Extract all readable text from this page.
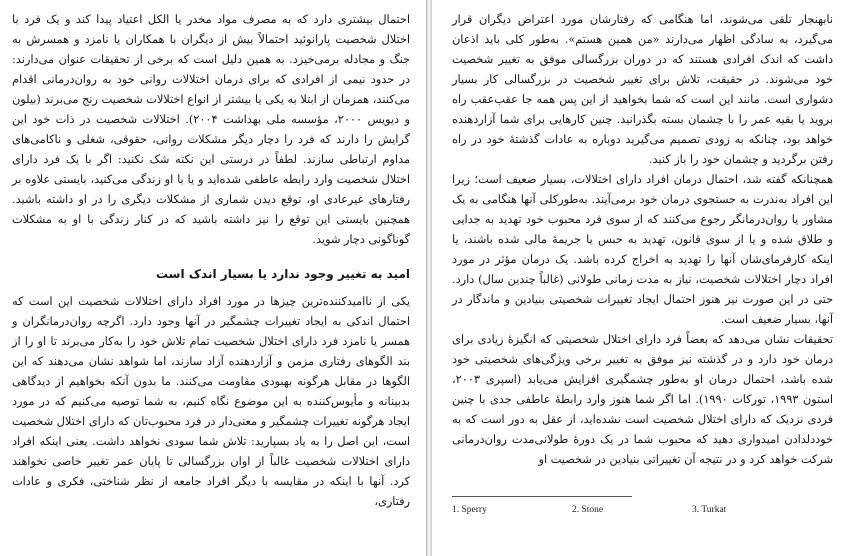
احتمال بیشتری دارد که به مصرف مواد مخدر یا الکل اعتیاد پیدا کند و یک فرد با اختلال شخصیت پارانوئید احتمالاً بیش از دیگران با همکاران یا نامزد و همسرش به جنگ و مجادله برمی‌خیزد. به همین دلیل است که برخی از تحقیقات عنوان می‌دارند: در حدود نیمی از افرادی که برای درمان اختلالات روانی خود به روان‌درمانی اقدام می‌کنند، همزمان از ابتلا به یکی یا بیشتر از انواع اختلالات شخصیت رنج می‌برند (بیلون و دیویس ۲۰۰۰، مؤسسه ملی بهداشت ۲۰۰۴). اختلالات شخصیت در ذات خود این گرایش را دارند که فرد را دچار دیگر مشکلات روانی، حقوقی، شغلی و ناکامی‌های مداوم ارتباطی سازند. لطفاً در درستی این نکته شک نکنید: اگر با یک فرد دارای اختلال شخصیت وارد رابطه عاطفی شده‌اید و یا با او زندگی می‌کنید، بایستی علاوه بر رفتارهای غیرعادی او، توقع دیدن شماری از مشکلات دیگری را در او داشته باشید. همچنین بایستی این توقع را نیز داشته باشید که در کنار زندگی با او به مشکلات گوناگونی دچار شوید.

امید به تغییر وجود ندارد یا بسیار اندک است

یکی از ناامیدکننده‌ترین چیزها در مورد افراد دارای اختلالات شخصیت این است که احتمال اندکی به ایجاد تغییرات چشمگیر در آنها وجود دارد. اگرچه روان‌درمانگران و همسر یا نامزد فرد دارای اختلال شخصیت تمام تلاش خود را به‌کار می‌برند تا او را از بند الگوهای رفتاری مزمن و آزاردهنده آزاد سازند، اما شواهد نشان می‌دهند که این الگوها در مقابل هرگونه بهبودی مقاومت می‌کنند. ما بدون آنکه بخواهیم از دیدگاهی بدبینانه و مأیوس‌کننده به این موضوع نگاه کنیم، به شما توصیه می‌کنیم که در مورد ایجاد هرگونه تغییرات چشمگیر و معنی‌دار در فرد محبوب‌تان که دارای اختلال شخصیت است، این اصل را به یاد بسپارید: تلاش شما سودی نخواهد داشت. یعنی اینکه افراد دارای اختلالات شخصیت غالباً از اوان بزرگسالی تا پایان عمر تغییر خاصی نخواهند کرد. آنها با اینکه در مقایسه با دیگر افراد جامعه از نظر شناختی، فکری و عادات رفتاری،

نابهنجار تلقی می‌شوند، اما هنگامی که رفتارشان مورد اعتراض دیگران قرار می‌گیرد، به سادگی اظهار می‌دارند «من همین هستم». به‌طور کلی باید اذعان داشت که اندک افرادی هستند که در دوران بزرگسالی موفق به تغییر شخصیت خود می‌شوند. در حقیقت، تلاش برای تغییر شخصیت در بزرگسالی کار بسیار دشواری است. مانند این است که شما بخواهید از این پس همه جا عقب‌عقب راه بروید یا بقیه عمر را با چشمان بسته بگذرانید. چنین کارهایی برای شما آزاردهنده خواهد بود، چنانکه به زودی تصمیم می‌گیرید دوباره به عادات گذشتهٔ خود در راه رفتن برگردید و چشمان خود را باز کنید.

همچنانکه گفته شد، احتمال درمان افراد دارای اختلالات، بسیار ضعیف است؛ زیرا این افراد به‌ندرت به جستجوی درمان خود برمی‌آیند. به‌طورکلی آنها هنگامی به یک مشاور یا روان‌درمانگر رجوع می‌کنند که از سوی فرد محبوب خود تهدید به جدایی و طلاق شده و یا از سوی قانون، تهدید به حبس یا جریمهٔ مالی شده باشند، یا اینکه کارفرمای‌شان آنها را تهدید به اخراج کرده باشد. یک درمان مؤثر در مورد افراد دچار اختلالات شخصیت، نیاز به مدت زمانی طولانی (غالباً چندین سال) دارد. حتی در این صورت نیز هنوز احتمال ایجاد تغییرات شخصیتی بنیادین و ماندگار در آنها، بسیار ضعیف است.

تحقیقات نشان می‌دهد که بعضاً فرد دارای اختلال شخصیتی که انگیزهٔ زیادی برای درمان خود دارد و در گذشته نیز موفق به تغییر برخی ویژگی‌های شخصیتی خود شده باشد، احتمال درمان او به‌طور چشمگیری افزایش می‌یابد (اسپری ۲۰۰۳، استون ۱۹۹۳، تورکات ۱۹۹۰). اما اگر شما هنوز وارد رابطهٔ عاطفی جدی با چنین فردی نزدیک که دارای اختلال شخصیت است نشده‌اید، از عقل به دور است که به خوددلدادن امیدواری دهید که محبوب شما در یک دورهٔ طولانی‌مدت روان‌درمانی شرکت خواهد کرد و در نتیجه آن تغییراتی بنیادین در شخصیت او

1. Sperry	2. Stone	3. Turkat
